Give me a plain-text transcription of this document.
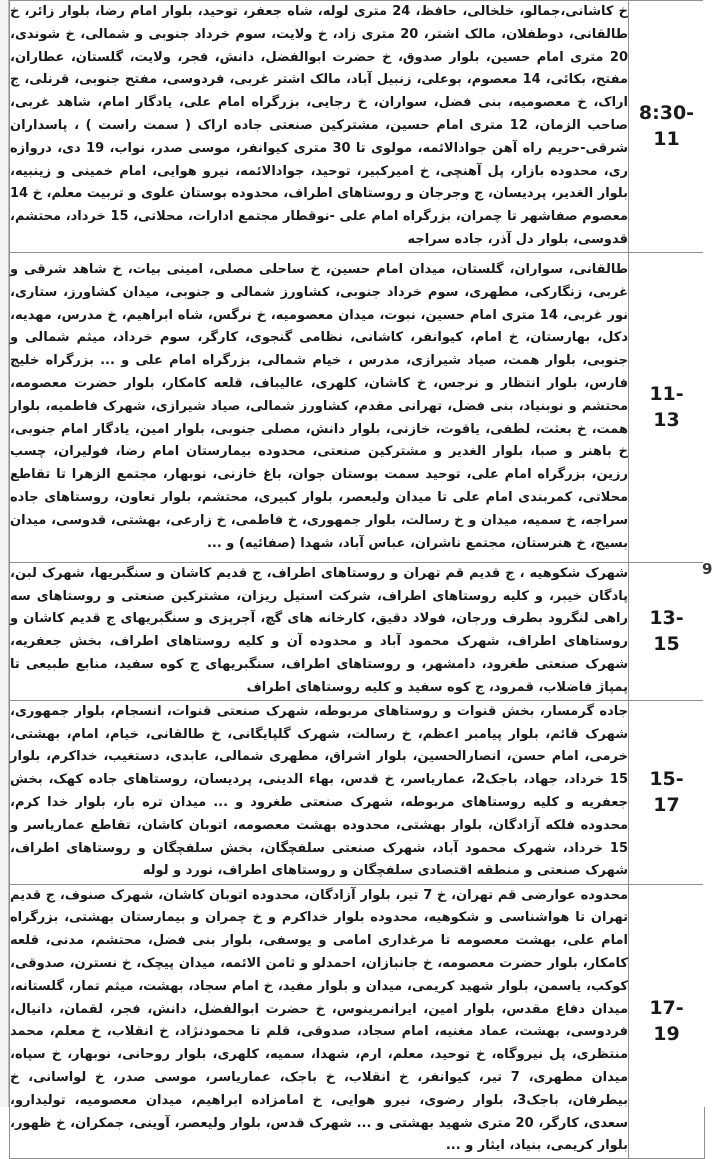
خ کاشانی،جمالو، خلخالی، حافظ، 24 متری لوله، شاه جعفر، توحید، بلوار امام رضا، بلوار زائر، خ طالقانی، دوطفلان، مالک اشتر، 20 متری زاد، خ ولایت، سوم خرداد جنوبی و شمالی، خ شوندی، 20 متری امام حسین، بلوار صدوق، خ حضرت ابوالفضل، دانش، فجر، ولایت، گلستان، عطاران، مفتح، بکائی، 14 معصوم، بوعلی، زنبیل آباد، مالک اشتر غربی، فردوسی، مفتح جنوبی، قرنلی، ج اراک، خ معصومیه، بنی فضل، سواران، خ رجایی، بزرگراه امام علی، یادگار امام، شاهد غربی، صاحب الزمان، 12 متری امام حسین، مشترکین صنعتی جاده اراک ( سمت راست ) ، پاسداران شرقی-حریم راه آهن جوادالائمه، مولوی تا 30 متری کیوانفر، موسی صدر، نواب، 19 دی، دروازه ری، محدوده بازار، پل آهنچی، خ امیرکبیر، توحید، جوادالائمه، نیرو هوایی، امام خمینی و زینبیه، بلوار الغدیر، پردیسان، ج وجرجان و روستاهای اطراف، محدوده بوستان علوی و تربیت معلم، خ 14 معصوم صفاشهر تا چمران، بزرگراه امام علی -نوقطار مجتمع ادارات، محلاتی، 15 خرداد، محتشم، قدوسی، بلوار دل آذر، جاده سراجه	8:30-
11

طالقانی، سواران، گلستان، میدان امام حسین، خ ساحلی مصلی، امینی بیات، خ شاهد شرقی و غربی، زنگارکی، مطهری، سوم خرداد جنوبی، کشاورز شمالی و جنوبی، میدان کشاورز، ستاری، نور غربی، 14 متری امام حسین، نبوت، میدان معصومیه، خ نرگس، شاه ابراهیم، خ مدرس، مهدیه، دکل، بهارستان، خ امام، کیوانفر، کاشانی، نظامی گنجوی، کارگر، سوم خرداد، میثم شمالی و جنوبی، بلوار همت، صیاد شیرازی، مدرس ، خیام شمالی، بزرگراه امام علی و ... بزرگراه خلیج فارس، بلوار انتظار و نرجس، خ کاشان، کلهری، عالیباف، قلعه کامکار، بلوار حضرت معصومه، محتشم و نوبنیاد، بنی فضل، تهرانی مقدم، کشاورز شمالی، صیاد شیرازی، شهرک فاطمیه، بلوار همت، خ بعثت، لطفی، یاقوت، خازنی، بلوار دانش، مصلی جنوبی، بلوار امین، یادگار امام جنوبی، خ باهنر و صبا، بلوار الغدیر و مشترکین صنعتی، محدوده بیمارستان امام رضا، فولیران، چسب رزین، بزرگراه امام علی، توحید سمت بوستان جوان، باغ خازنی، نوبهار، مجتمع الزهرا تا تقاطع محلاتی، کمربندی امام علی تا میدان ولیعصر، بلوار کبیری، محتشم، بلوار تعاون، روستاهای جاده سراجه، خ سمیه، میدان و خ رسالت، بلوار جمهوری، خ فاطمی، خ زارعی، بهشتی، قدوسی، میدان بسیج، خ هنرستان، مجتمع ناشران، عباس آباد، شهدا (صفائیه) و ...	11-
13

شهرک شکوهیه ، ج قدیم قم تهران و روستاهای اطراف، ج قدیم کاشان و سنگبریها، شهرک لبن، پادگان خیبر، و کلیه روستاهای اطراف، شرکت استیل ریزان، مشترکین صنعتی و روستاهای سه راهی لنگرود بطرف ورجان، فولاد دقیق، کارخانه های گچ، آجرپزی و سنگبریهای ج قدیم کاشان و روستاهای اطراف، شهرک محمود آباد و محدوده آن و کلیه روستاهای اطراف، بخش جعفریه، شهرک صنعتی طغرود، دامشهر، و روستاهای اطراف، سنگبریهای ج کوه سفید، منابع طبیعی تا پمپاژ فاضلاب، قمرود، ج کوه سفید و کلیه روستاهای اطراف	13-
15

جاده گرمسار، بخش قنوات و روستاهای مربوطه، شهرک صنعتی قنوات، انسجام، بلوار جمهوری، شهرک قائم، بلوار پیامبر اعظم، خ رسالت، شهرک گلپایگانی، خ طالقانی، خیام، امام، بهشتی، خرمی، امام حسن، انصارالحسین، بلوار اشراق، مطهری شمالی، عابدی، دستغیب، خداکرم، بلوار 15 خرداد، جهاد، باجک2، عمارياسر، خ قدس، بهاء الدینی، پردیسان، روستاهای جاده کهک، بخش جعفریه و کلیه روستاهای مربوطه، شهرک صنعتی طغرود و ... میدان تره بار، بلوار خدا کرم، محدوده فلکه آزادگان، بلوار بهشتی، محدوده بهشت معصومه، اتوبان کاشان، تقاطع عمارياسر و 15 خرداد، شهرک محمود آباد، شهرک صنعتی سلفچگان، بخش سلفچگان و روستاهای اطراف، شهرک صنعتی و منطقه اقتصادی سلفچگان و روستاهای اطراف، نورد و لوله	15-
17

محدوده عوارضی قم تهران، خ 7 تیر، بلوار آزادگان، محدوده اتوبان کاشان، شهرک صنوف، ج قدیم تهران تا هواشناسی و شکوهیه، محدوده بلوار خداکرم و خ چمران و بیمارستان بهشتی، بزرگراه امام علی، بهشت معصومه تا مرغداری امامی و یوسفی، بلوار بنی فضل، محتشم، مدنی، قلعه کامکار، بلوار حضرت معصومه، خ جانبازان، احمدلو و ثامن الائمه، میدان پیچک، خ نسترن، صدوقی، کوکب، یاسمن، بلوار شهید کریمی، میدان و بلوار مفید، خ امام سجاد، بهشت، میثم تمار، گلستانه، میدان دفاع مقدس، بلوار امین، ایرانمرینوس، خ حضرت ابوالفضل، دانش، فجر، لقمان، دانیال، فردوسی، بهشت، عماد مغنیه، امام سجاد، صدوقی، قلم تا محمودنژاد، خ انقلاب، خ معلم، محمد منتظری، پل نیروگاه، خ توحید، معلم، ارم، شهدا، سمیه، کلهری، بلوار روحانی، نوبهار، خ سپاه، میدان مطهری، 7 تیر، کیوانفر، خ انقلاب، خ باجک، عمارياسر، موسی صدر، خ لواسانی، خ بیطرفان، باجک3، بلوار رضوی، نیرو هوایی، خ امامزاده ابراهیم، میدان معصومیه، تولیدارو، سعدی، کارگر، 20 متری شهید بهشتی و ... شهرک قدس، بلوار ولیعصر، آوینی، جمکران، خ ظهور، بلوار کریمی، بنیاد، ایثار و ...	17-
19
9
